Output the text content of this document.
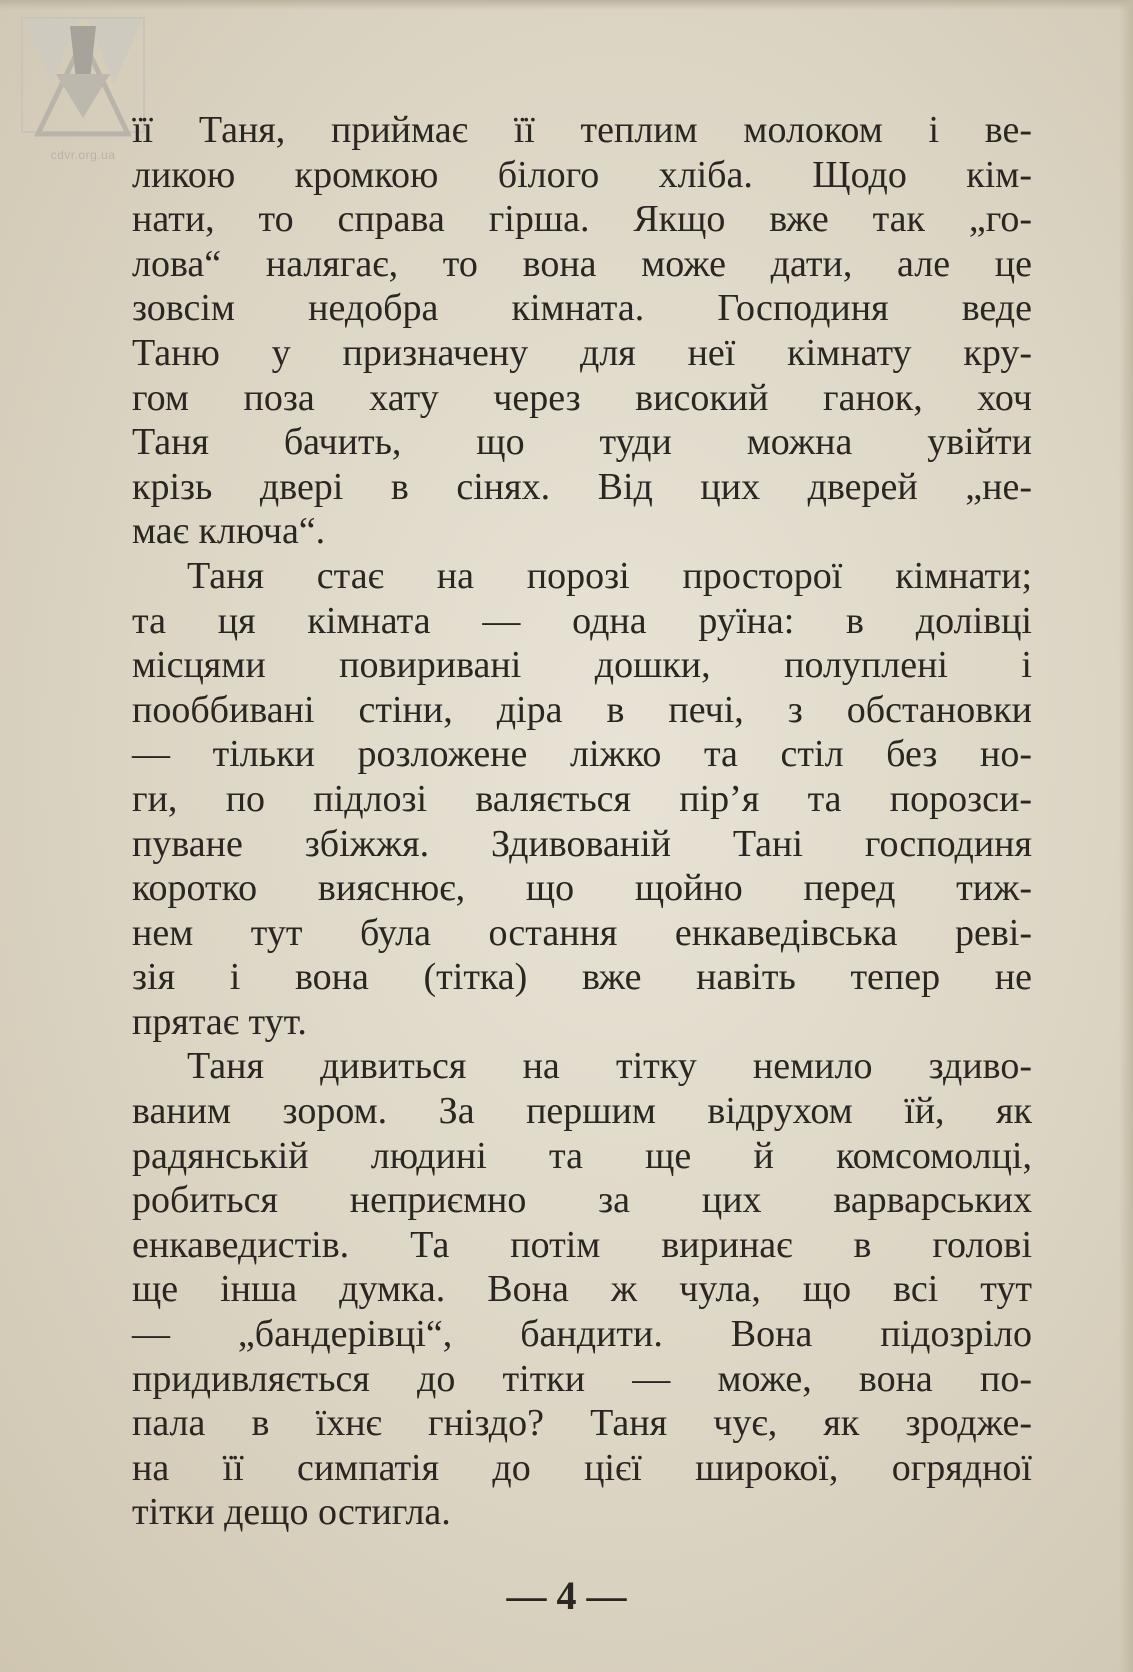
cdvr.org.ua
її Таня, приймає її теплим молоком і ве-
ликою кромкою білого хліба. Щодо кім-
нати, то справа гірша. Якщо вже так „го-
лова“ налягає, то вона може дати, але це
зовсім недобра кімната. Господиня веде
Таню у призначену для неї кімнату кру-
гом поза хату через високий ганок, хоч
Таня бачить, що туди можна увійти
крізь двері в сінях. Від цих дверей „не-
має ключа“.
Таня стає на порозі просторої кімнати;
та ця кімната — одна руїна: в долівці
місцями повиривані дошки, полуплені і
пооббивані стіни, діра в печі, з обстановки
— тільки розложене ліжко та стіл без но-
ги, по підлозі валяється пір’я та порозси-
пуване збіжжя. Здивованій Тані господиня
коротко вияснює, що щойно перед тиж-
нем тут була остання енкаведівська реві-
зія і вона (тітка) вже навіть тепер не
прятає тут.
Таня дивиться на тітку немило здиво-
ваним зором. За першим відрухом їй, як
радянській людині та ще й комсомолці,
робиться неприємно за цих варварських
енкаведистів. Та потім виринає в голові
ще інша думка. Вона ж чула, що всі тут
— „бандерівці“, бандити. Вона підозріло
придивляється до тітки — може, вона по-
пала в їхнє гніздо? Таня чує, як зродже-
на її симпатія до цієї широкої, огрядної
тітки дещо остигла.
— 4 —
